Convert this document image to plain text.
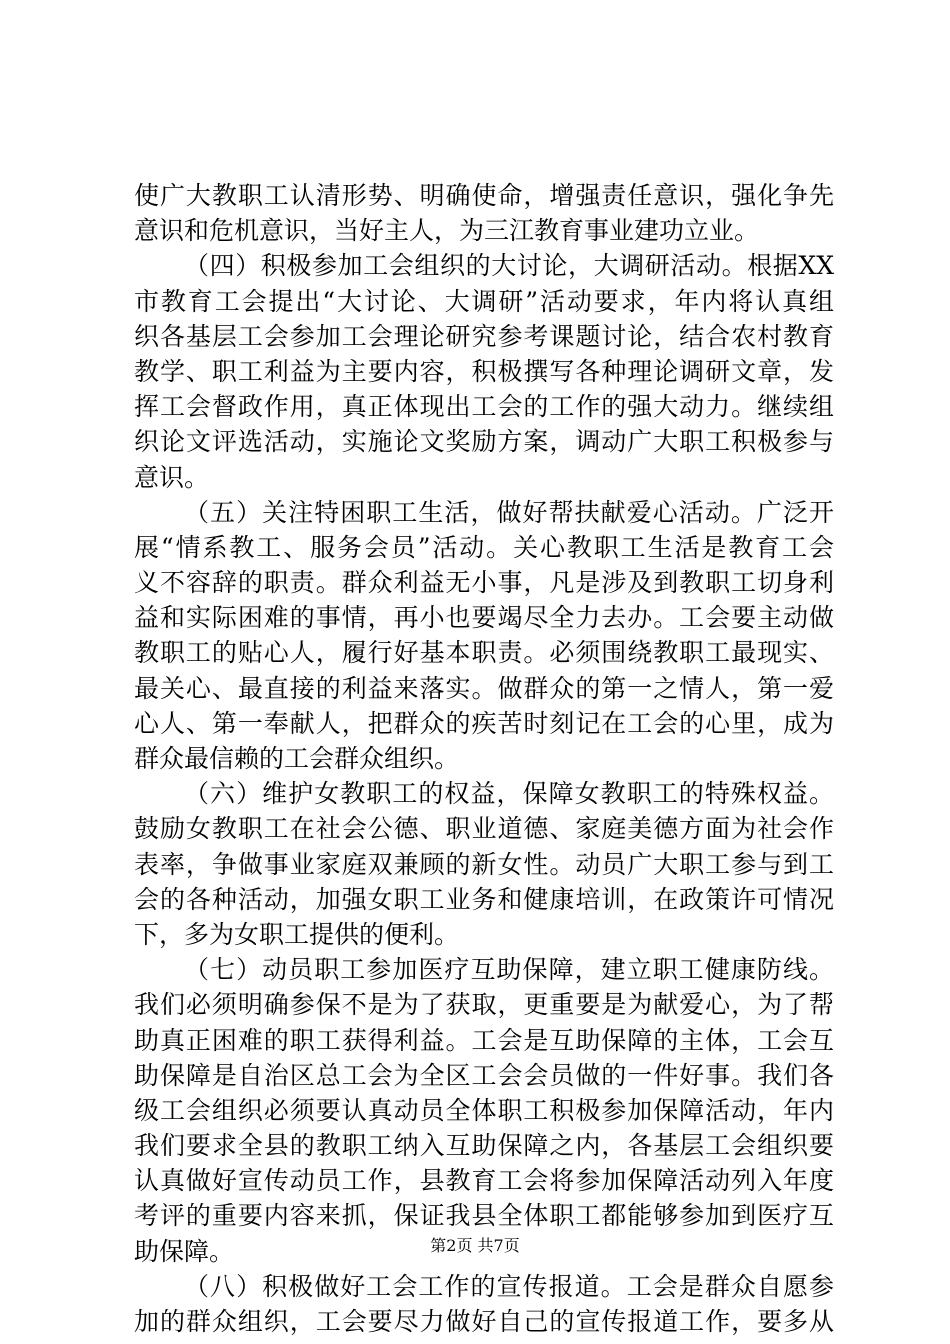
使广大教职工认清形势、明确使命，增强责任意识，强化争先
意识和危机意识，当好主人，为三江教育事业建功立业。
（四）积极参加工会组织的大讨论，大调研活动。根据XX
市教育工会提出“大讨论、大调研”活动要求，年内将认真组
织各基层工会参加工会理论研究参考课题讨论，结合农村教育
教学、职工利益为主要内容，积极撰写各种理论调研文章，发
挥工会督政作用，真正体现出工会的工作的强大动力。继续组
织论文评选活动，实施论文奖励方案，调动广大职工积极参与
意识。
（五）关注特困职工生活，做好帮扶献爱心活动。广泛开
展“情系教工、服务会员”活动。关心教职工生活是教育工会
义不容辞的职责。群众利益无小事，凡是涉及到教职工切身利
益和实际困难的事情，再小也要竭尽全力去办。工会要主动做
教职工的贴心人，履行好基本职责。必须围绕教职工最现实、
最关心、最直接的利益来落实。做群众的第一之情人，第一爱
心人、第一奉献人，把群众的疾苦时刻记在工会的心里，成为
群众最信赖的工会群众组织。
（六）维护女教职工的权益，保障女教职工的特殊权益。
鼓励女教职工在社会公德、职业道德、家庭美德方面为社会作
表率，争做事业家庭双兼顾的新女性。动员广大职工参与到工
会的各种活动，加强女职工业务和健康培训，在政策许可情况
下，多为女职工提供的便利。
（七）动员职工参加医疗互助保障，建立职工健康防线。
我们必须明确参保不是为了获取，更重要是为献爱心，为了帮
助真正困难的职工获得利益。工会是互助保障的主体，工会互
助保障是自治区总工会为全区工会会员做的一件好事。我们各
级工会组织必须要认真动员全体职工积极参加保障活动，年内
我们要求全县的教职工纳入互助保障之内，各基层工会组织要
认真做好宣传动员工作，县教育工会将参加保障活动列入年度
考评的重要内容来抓，保证我县全体职工都能够参加到医疗互
助保障。
（八）积极做好工会工作的宣传报道。工会是群众自愿参
加的群众组织，工会要尽力做好自己的宣传报道工作，要多从
第2页 共7页
